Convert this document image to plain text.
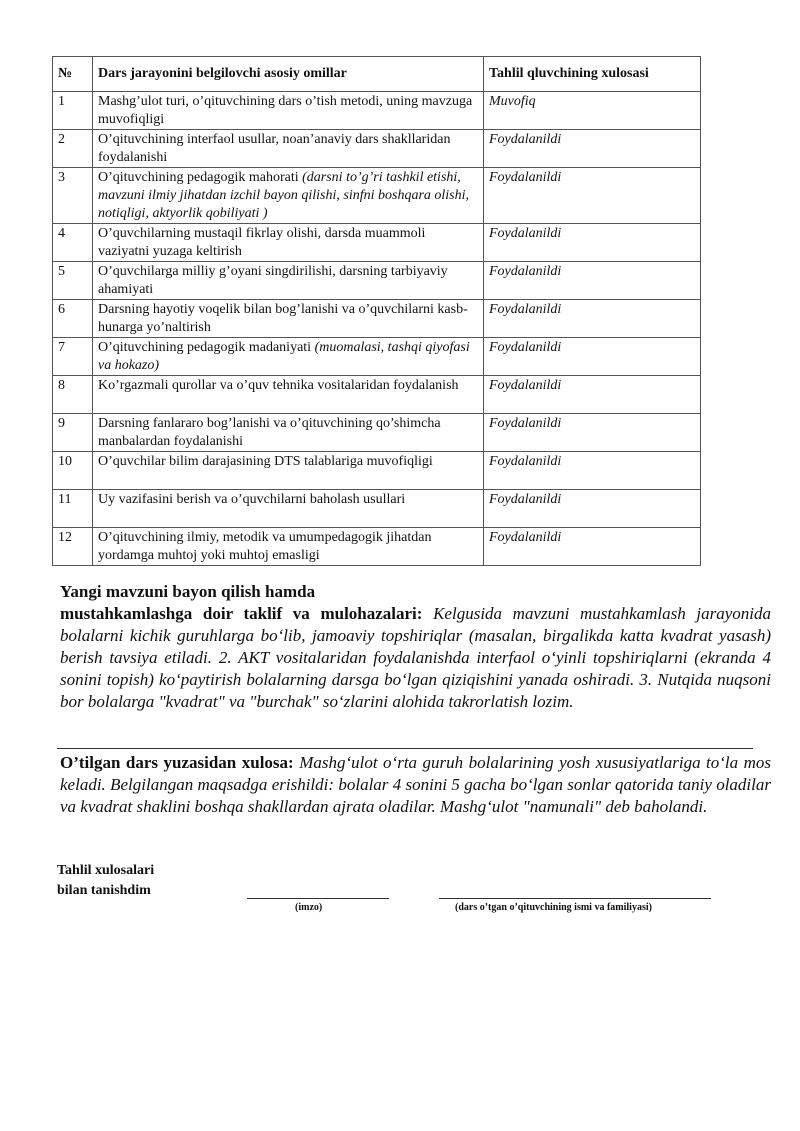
№	Dars jarayonini belgilovchi asosiy omillar	Tahlil qluvchining xulosasi
1	Mashg’ulot turi, o’qituvchining dars o’tish metodi, uning mavzuga muvofiqligi	Muvofiq
2	O’qituvchining interfaol usullar, noan’anaviy dars shakllaridan foydalanishi	Foydalanildi
3	O’qituvchining pedagogik mahorati (darsni to’g’ri tashkil etishi, mavzuni ilmiy jihatdan izchil bayon qilishi, sinfni boshqara olishi, notiqligi, aktyorlik qobiliyati )	Foydalanildi
4	O’quvchilarning mustaqil fikrlay olishi, darsda muammoli vaziyatni yuzaga keltirish	Foydalanildi
5	O’quvchilarga milliy g’oyani singdirilishi, darsning tarbiyaviy ahamiyati	Foydalanildi
6	Darsning hayotiy voqelik bilan bog’lanishi va o’quvchilarni kasb-hunarga yo’naltirish	Foydalanildi
7	O’qituvchining pedagogik madaniyati (muomalasi, tashqi qiyofasi va hokazo)	Foydalanildi
8	Ko’rgazmali qurollar va o’quv tehnika vositalaridan foydalanish	Foydalanildi
9	Darsning fanlararo bog’lanishi va o’qituvchining qo’shimcha manbalardan foydalanishi	Foydalanildi
10	O’quvchilar bilim darajasining DTS talablariga muvofiqligi	Foydalanildi
11	Uy vazifasini berish va o’quvchilarni baholash usullari	Foydalanildi
12	O’qituvchining ilmiy, metodik va umumpedagogik jihatdan yordamga muhtoj yoki muhtoj emasligi	Foydalanildi
Yangi mavzuni bayon qilish hamda
mustahkamlashga doir taklif va mulohazalari: Kelgusida mavzuni mustahkamlash jarayonida bolalarni kichik guruhlarga bo‘lib, jamoaviy topshiriqlar (masalan, birgalikda katta kvadrat yasash) berish tavsiya etiladi. 2. AKT vositalaridan foydalanishda interfaol o‘yinli topshiriqlarni (ekranda 4 sonini topish) ko‘paytirish bolalarning darsga bo‘lgan qiziqishini yanada oshiradi. 3. Nutqida nuqsoni bor bolalarga "kvadrat" va "burchak" so‘zlarini alohida takrorlatish lozim.
O’tilgan dars yuzasidan xulosa: Mashg‘ulot o‘rta guruh bolalarining yosh xususiyatlariga to‘la mos keladi. Belgilangan maqsadga erishildi: bolalar 4 sonini 5 gacha bo‘lgan sonlar qatorida taniy oladilar va kvadrat shaklini boshqa shakllardan ajrata oladilar. Mashg‘ulot "namunali" deb baholandi.
Tahlil xulosalari
bilan tanishdim
(imzo)	(dars o’tgan o’qituvchining ismi va familiyasi)
